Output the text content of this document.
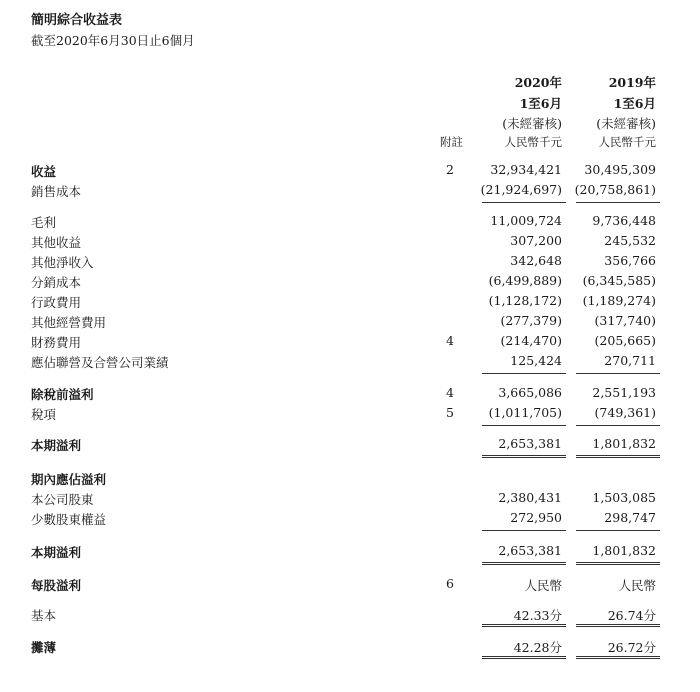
簡明綜合收益表
截至2020年6月30日止6個月
2020年
1至6月
(未經審核)
人民幣千元
2019年
1至6月
(未經審核)
人民幣千元
附註
收益	2	32,934,421 30,495,309
銷售成本	(21,924,697) (20,758,861)
毛利	11,009,724 9,736,448
其他收益	307,200	245,532
其他淨收入	342,648	356,766
分銷成本	(6,499,889) (6,345,585)
行政費用	(1,128,172) (1,189,274)
其他經營費用	(277,379)	(317,740)
財務費用	4	(214,470)	(205,665)
應佔聯營及合營公司業績	125,424	270,711
除稅前溢利	4	3,665,086 2,551,193
稅項	5	(1,011,705)	(749,361)
本期溢利	2,653,381 1,801,832
期內應佔溢利
本公司股東	2,380,431 1,503,085
少數股東權益	272,950	298,747
本期溢利	2,653,381 1,801,832
每股溢利	6	人民幣	人民幣
基本	42.33分	26.74分
攤薄	42.28分	26.72分
